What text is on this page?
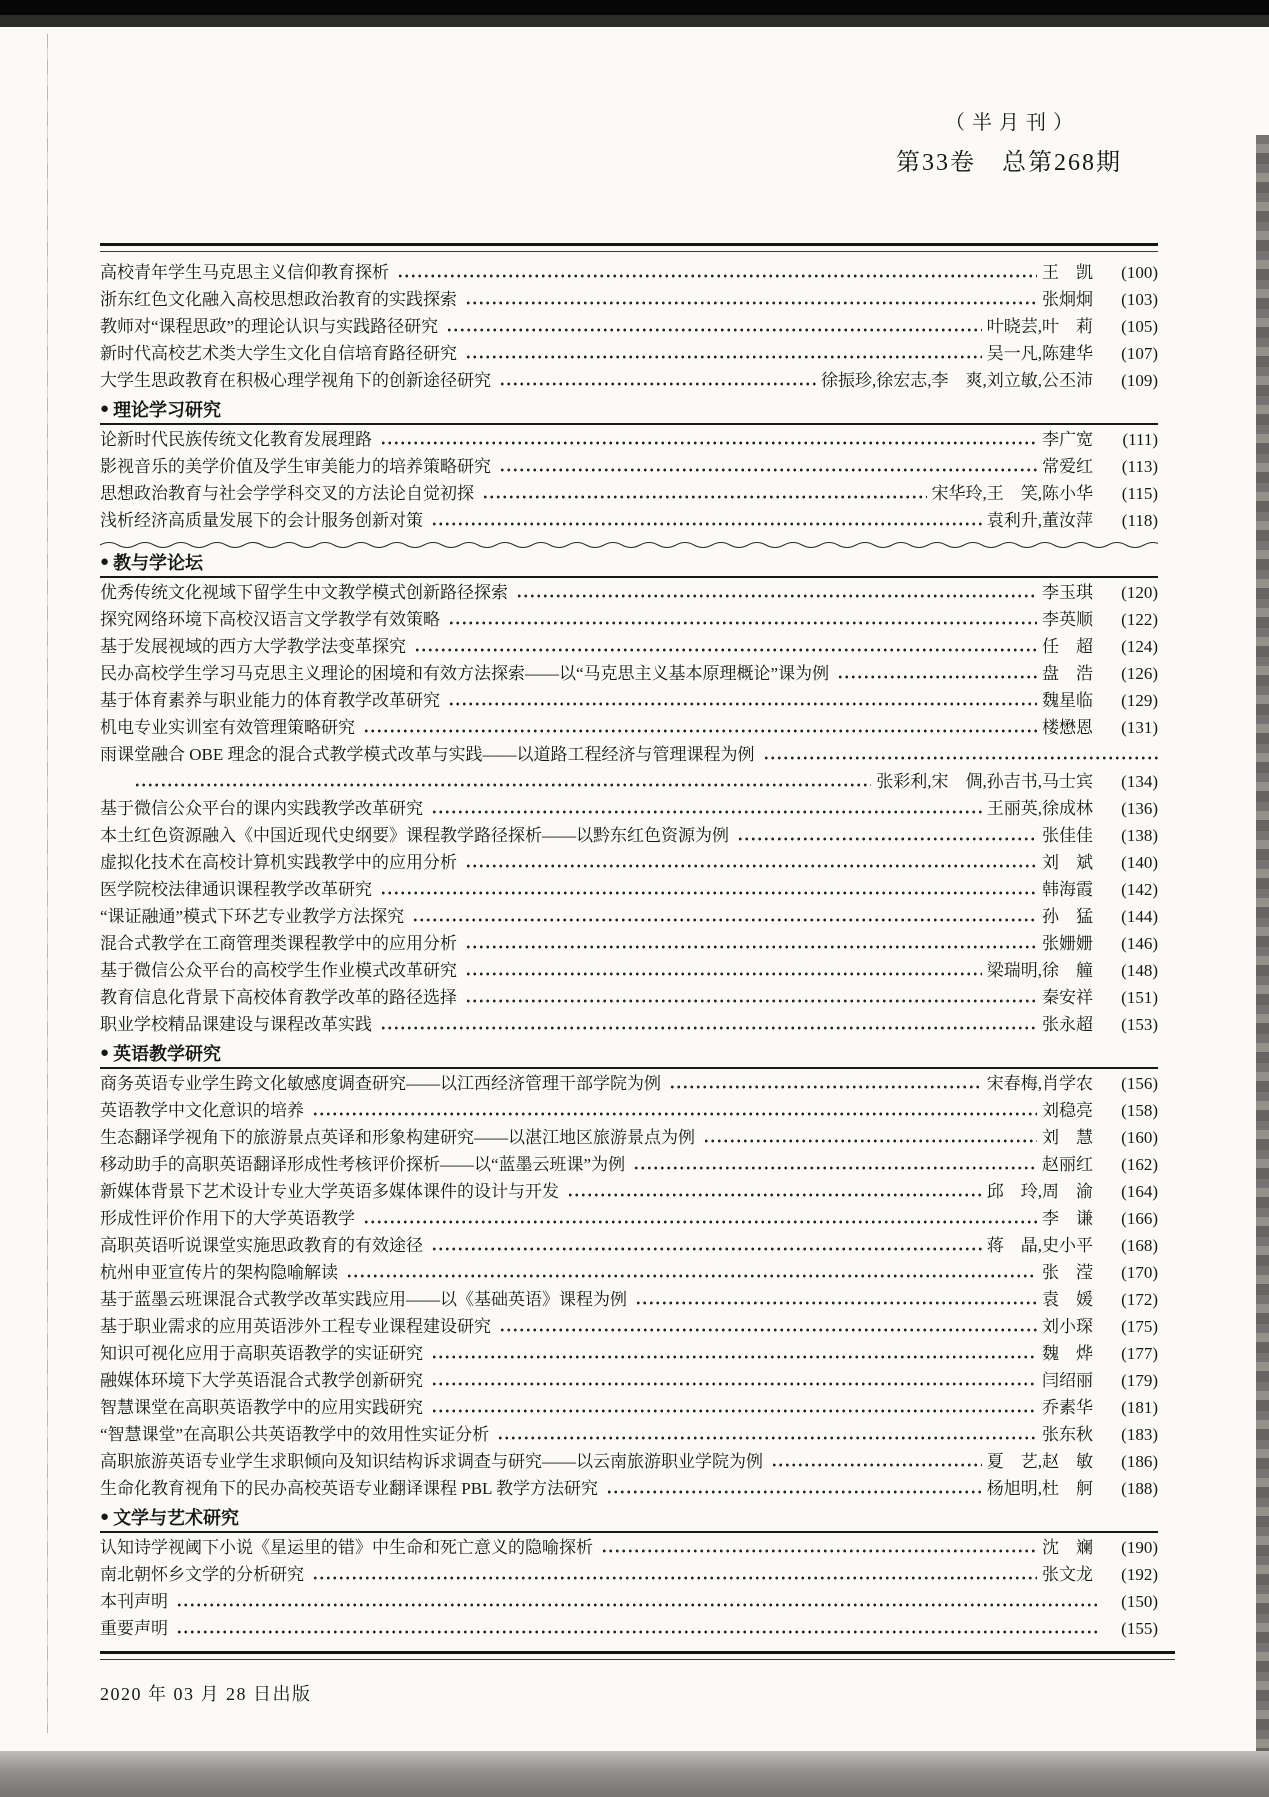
（半月刊）
第33卷　总第268期
高校青年学生马克思主义信仰教育探析	王　凯	(100)
浙东红色文化融入高校思想政治教育的实践探索	张炯炯	(103)
教师对“课程思政”的理论认识与实践路径研究	叶晓芸,叶　莉	(105)
新时代高校艺术类大学生文化自信培育路径研究	吴一凡,陈建华	(107)
大学生思政教育在积极心理学视角下的创新途径研究	徐振珍,徐宏志,李　爽,刘立敏,公丕沛	(109)
● 理论学习研究
论新时代民族传统文化教育发展理路	李广宽	(111)
影视音乐的美学价值及学生审美能力的培养策略研究	常爱红	(113)
思想政治教育与社会学学科交叉的方法论自觉初探	宋华玲,王　笑,陈小华	(115)
浅析经济高质量发展下的会计服务创新对策	袁利升,董汝萍	(118)
● 教与学论坛
优秀传统文化视域下留学生中文教学模式创新路径探索	李玉琪	(120)
探究网络环境下高校汉语言文学教学有效策略	李英顺	(122)
基于发展视域的西方大学教学法变革探究	任　超	(124)
民办高校学生学习马克思主义理论的困境和有效方法探索——以“马克思主义基本原理概论”课为例	盘　浩	(126)
基于体育素养与职业能力的体育教学改革研究	魏星临	(129)
机电专业实训室有效管理策略研究	楼懋恩	(131)
雨课堂融合 OBE 理念的混合式教学模式改革与实践——以道路工程经济与管理课程为例
张彩利,宋　倜,孙吉书,马士宾	(134)
基于微信公众平台的课内实践教学改革研究	王丽英,徐成林	(136)
本土红色资源融入《中国近现代史纲要》课程教学路径探析——以黔东红色资源为例	张佳佳	(138)
虚拟化技术在高校计算机实践教学中的应用分析	刘　斌	(140)
医学院校法律通识课程教学改革研究	韩海霞	(142)
“课证融通”模式下环艺专业教学方法探究	孙　猛	(144)
混合式教学在工商管理类课程教学中的应用分析	张姗姗	(146)
基于微信公众平台的高校学生作业模式改革研究	梁瑞明,徐　艟	(148)
教育信息化背景下高校体育教学改革的路径选择	秦安祥	(151)
职业学校精品课建设与课程改革实践	张永超	(153)
● 英语教学研究
商务英语专业学生跨文化敏感度调查研究——以江西经济管理干部学院为例	宋春梅,肖学农	(156)
英语教学中文化意识的培养	刘稳亮	(158)
生态翻译学视角下的旅游景点英译和形象构建研究——以湛江地区旅游景点为例	刘　慧	(160)
移动助手的高职英语翻译形成性考核评价探析——以“蓝墨云班课”为例	赵丽红	(162)
新媒体背景下艺术设计专业大学英语多媒体课件的设计与开发	邱　玲,周　渝	(164)
形成性评价作用下的大学英语教学	李　谦	(166)
高职英语听说课堂实施思政教育的有效途径	蒋　晶,史小平	(168)
杭州申亚宣传片的架构隐喻解读	张　滢	(170)
基于蓝墨云班课混合式教学改革实践应用——以《基础英语》课程为例	袁　媛	(172)
基于职业需求的应用英语涉外工程专业课程建设研究	刘小琛	(175)
知识可视化应用于高职英语教学的实证研究	魏　烨	(177)
融媒体环境下大学英语混合式教学创新研究	闫绍丽	(179)
智慧课堂在高职英语教学中的应用实践研究	乔素华	(181)
“智慧课堂”在高职公共英语教学中的效用性实证分析	张东秋	(183)
高职旅游英语专业学生求职倾向及知识结构诉求调查与研究——以云南旅游职业学院为例	夏　艺,赵　敏	(186)
生命化教育视角下的民办高校英语专业翻译课程 PBL 教学方法研究	杨旭明,杜　舸	(188)
● 文学与艺术研究
认知诗学视阈下小说《星运里的错》中生命和死亡意义的隐喻探析	沈　斓	(190)
南北朝怀乡文学的分析研究	张文龙	(192)
本刊声明	(150)
重要声明	(155)
2020 年 03 月 28 日出版
